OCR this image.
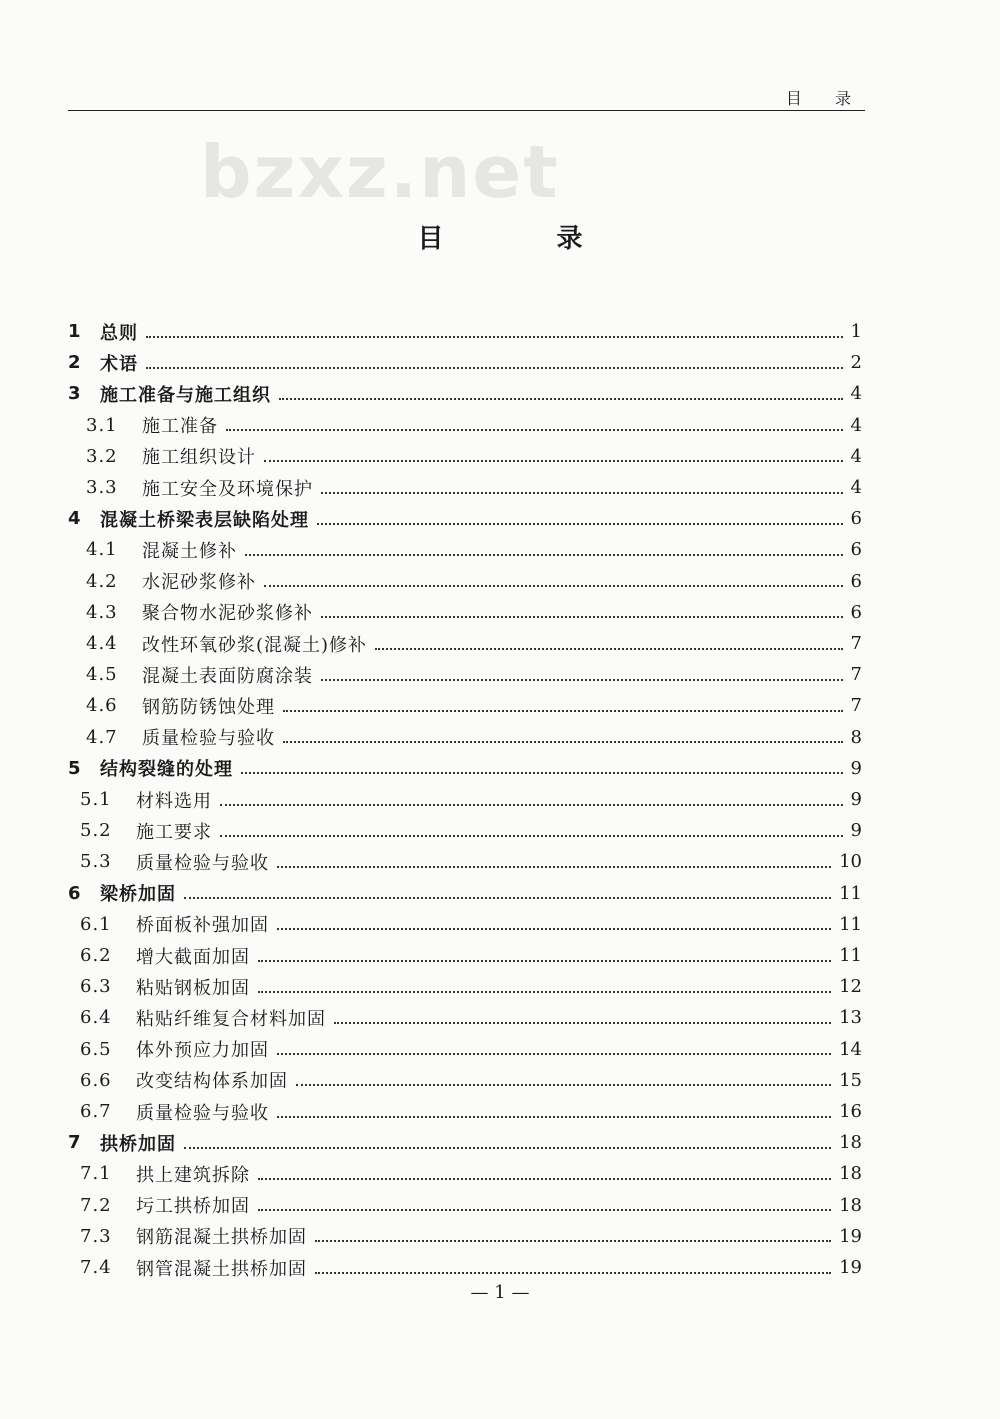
目 录
bzxz.net
目 录
1	总则	1
2	术语	2
3	施工准备与施工组织	4
3.1	施工准备	4
3.2	施工组织设计	4
3.3	施工安全及环境保护	4
4	混凝土桥梁表层缺陷处理	6
4.1	混凝土修补	6
4.2	水泥砂浆修补	6
4.3	聚合物水泥砂浆修补	6
4.4	改性环氧砂浆(混凝土)修补	7
4.5	混凝土表面防腐涂装	7
4.6	钢筋防锈蚀处理	7
4.7	质量检验与验收	8
5	结构裂缝的处理	9
5.1	材料选用	9
5.2	施工要求	9
5.3	质量检验与验收	10
6	梁桥加固	11
6.1	桥面板补强加固	11
6.2	增大截面加固	11
6.3	粘贴钢板加固	12
6.4	粘贴纤维复合材料加固	13
6.5	体外预应力加固	14
6.6	改变结构体系加固	15
6.7	质量检验与验收	16
7	拱桥加固	18
7.1	拱上建筑拆除	18
7.2	圬工拱桥加固	18
7.3	钢筋混凝土拱桥加固	19
7.4	钢管混凝土拱桥加固	19
— 1 —
